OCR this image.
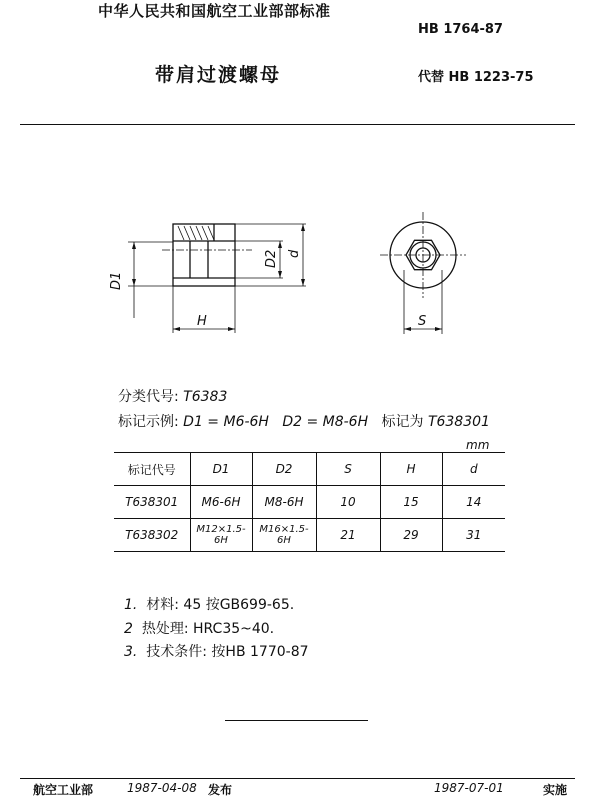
中华人民共和国航空工业部部标准
HB 1764-87
带肩过渡螺母	代替 HB 1223-75
D1
H
D2 d
S
分类代号: T6383
标记示例: D1 = M6-6H D2 = M8-6H 标记为 T638301
mm
标记代号	D1	D2	S	H	d
T638301	M6-6H	M8-6H	10	15	14
T638302	M12×1.5-6H	M16×1.5-6H	21	29	31
1. 材料: 45 按GB699-65.
2 热处理: HRC35~40.
3. 技术条件: 按HB 1770-87
航空工业部	1987-04-08 发布	1987-07-01	实施
